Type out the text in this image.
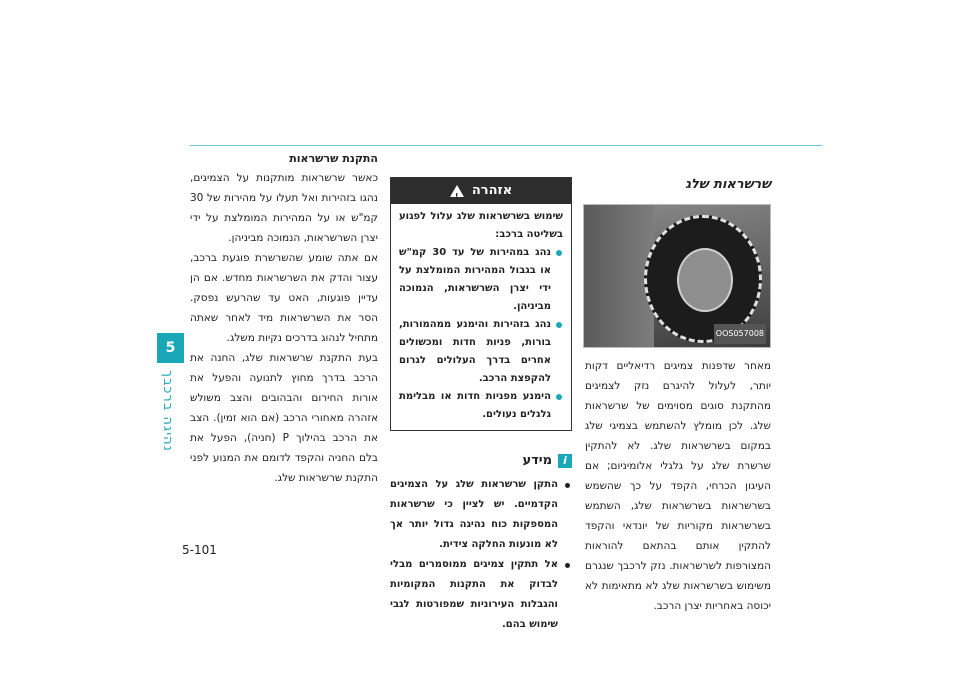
5
נהיגה ברכבך
5-101
התקנת שרשראות

כאשר שרשראות מותקנות על הצמיגים, נהגו בזהירות ואל תעלו על מהירות של 30 קמ"ש או על המהירות המומלצת על ידי יצרן השרשראות, הנמוכה מביניהן.

אם אתה שומע שהשרשרת פוגעת ברכב, עצור והדק את השרשראות מחדש. אם הן עדיין פוגעות, האט עד שהרעש נפסק. הסר את השרשראות מיד לאחר שאתה מתחיל לנהוג בדרכים נקיות משלג.

בעת התקנת שרשראות שלג, החנה את הרכב בדרך מחוץ לתנועה והפעל את אורות החירום והבהובים והצב משולש אזהרה מאחורי הרכב (אם הוא זמין). הצב את הרכב בהילוך P (חניה), הפעל את בלם החניה והקפד לדומם את המנוע לפני התקנת שרשראות שלג.

אזהרה
!
שימוש בשרשראות שלג עלול לפגוע בשליטה ברכב:
נהג במהירות של עד 30 קמ"ש או בגבול המהירות המומלצת על ידי יצרן השרשראות, הנמוכה מביניהן.
נהג בזהירות והימנע ממהמורות, בורות, פניות חדות ומכשולים אחרים בדרך העלולים לגרום להקפצת הרכב.
הימנע מפניות חדות או מבלימת גלגלים נעולים.
i
מידע
התקן שרשראות שלג על הצמיגים הקדמיים. יש לציין כי שרשראות המספקות כוח נהיגה גדול יותר אך לא מונעות החלקה צידית.
אל תתקין צמיגים ממוסמרים מבלי לבדוק את התקנות המקומיות והגבלות העירוניות שמפורטות לגבי שימוש בהם.
שרשראות שלג
OOS057008

מאחר שדפנות צמיגים רדיאליים דקות יותר, לעלול להיגרם נזק לצמיגים מהתקנת סוגים מסוימים של שרשראות שלג. לכן מומלץ להשתמש בצמיגי שלג במקום בשרשראות שלג. לא להתקין שרשרת שלג על גלגלי אלומיניום; אם העיגון הכרחי, הקפד על כך שהשמש בשרשראות בשרשראות שלג, השתמש בשרשראות מקוריות של יונדאי והקפד להתקין אותם בהתאם להוראות המצורפות לשרשראות. נזק לרכבך שנגרם משימוש בשרשראות שלג לא מתאימות לא יכוסה באחריות יצרן הרכב.
